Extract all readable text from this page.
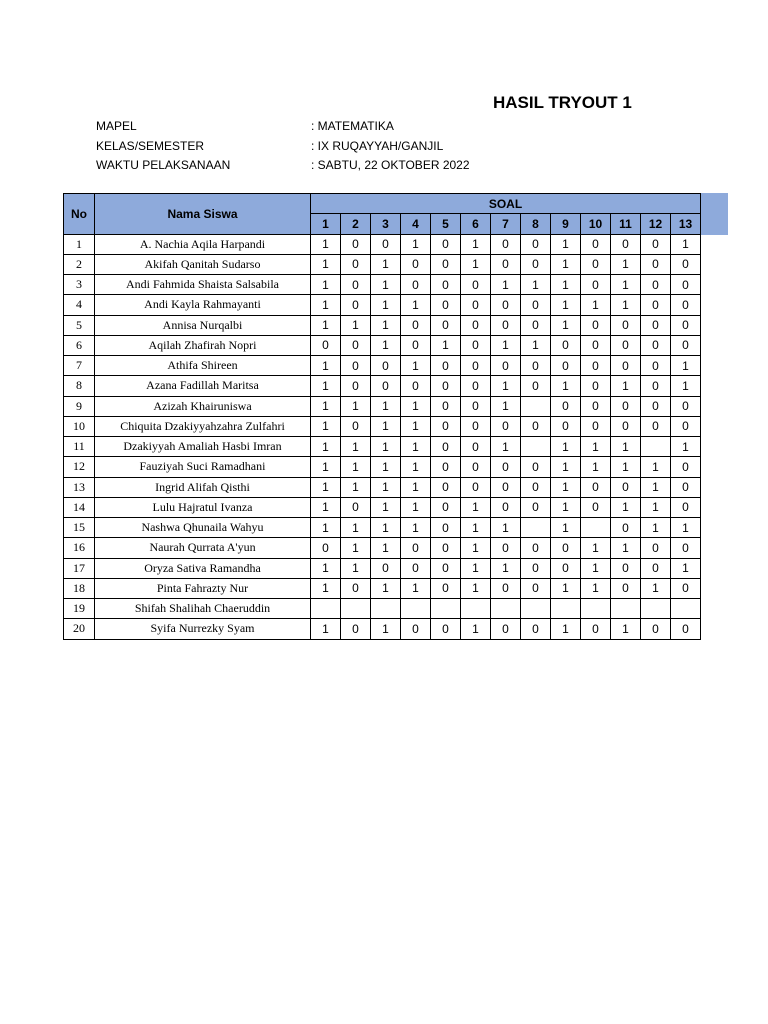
HASIL TRYOUT 1
MAPEL	: MATEMATIKA
KELAS/SEMESTER	: IX RUQAYYAH/GANJIL
WAKTU PELAKSANAAN	: SABTU, 22 OKTOBER 2022
No	Nama Siswa	SOAL												
		1	2	3	4	5	6	7	8	9	10	11	12	13
1	A. Nachia Aqila Harpandi	1	0	0	1	0	1	0	0	1	0	0	0	1
2	Akifah Qanitah Sudarso	1	0	1	0	0	1	0	0	1	0	1	0	0
3	Andi Fahmida Shaista Salsabila	1	0	1	0	0	0	1	1	1	0	1	0	0
4	Andi Kayla Rahmayanti	1	0	1	1	0	0	0	0	1	1	1	0	0
5	Annisa Nurqalbi	1	1	1	0	0	0	0	0	1	0	0	0	0
6	Aqilah Zhafirah Nopri	0	0	1	0	1	0	1	1	0	0	0	0	0
7	Athifa Shireen	1	0	0	1	0	0	0	0	0	0	0	0	1
8	Azana Fadillah Maritsa	1	0	0	0	0	0	1	0	1	0	1	0	1
9	Azizah Khairuniswa	1	1	1	1	0	0	1		0	0	0	0	0
10	Chiquita Dzakiyyahzahra Zulfahri	1	0	1	1	0	0	0	0	0	0	0	0	0
11	Dzakiyyah Amaliah Hasbi Imran	1	1	1	1	0	0	1		1	1	1		1
12	Fauziyah Suci Ramadhani	1	1	1	1	0	0	0	0	1	1	1	1	0
13	Ingrid Alifah Qisthi	1	1	1	1	0	0	0	0	1	0	0	1	0
14	Lulu Hajratul Ivanza	1	0	1	1	0	1	0	0	1	0	1	1	0
15	Nashwa Qhunaila Wahyu	1	1	1	1	0	1	1		1		0	1	1
16	Naurah Qurrata A'yun	0	1	1	0	0	1	0	0	0	1	1	0	0
17	Oryza Sativa Ramandha	1	1	0	0	0	1	1	0	0	1	0	0	1
18	Pinta Fahrazty Nur	1	0	1	1	0	1	0	0	1	1	0	1	0
19	Shifah Shalihah Chaeruddin													
20	Syifa Nurrezky Syam	1	0	1	0	0	1	0	0	1	0	1	0	0
